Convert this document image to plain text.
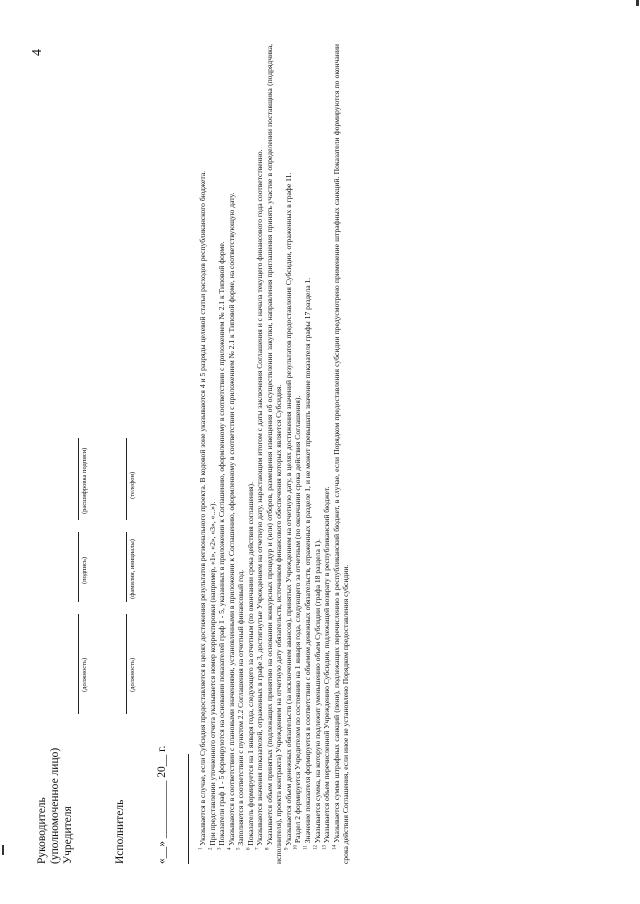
4
Руководитель (уполномоченное лицо) Учредителя
(должность)
(подпись)
(расшифровка подписи)
Исполнитель
(должность)
(фамилия, инициалы)
(телефон)
«__» __________ 20__ г.	$^1$ Указывается в случае, если Субсидия предоставляется в целях достижения результатов регионального проекта. В кодовой зоне указываются 4 и 5 разряды целевой статьи расходов республиканского бюджета.

$^2$ При представлении уточненного отчета указывается номер корректировки (например, «1», «2», «3», «...»).

$^3$ Показатели граф 1 - 5 формируются на основании показателей граф 1 - 5, указанных в приложении к Соглашению, оформленному в соответствии с приложением № 2.1 к Типовой форме.

$^4$ Указываются в соответствии с плановыми значениями, установленными в приложении к Соглашению, оформленному в соответствии с приложением № 2.1 к Типовой форме, на соответствующую дату.

$^5$ Заполняется в соответствии с пунктом 2.2 Соглашения на отчетный финансовый год.

$^6$ Показатель формируется на 1 января года, следующего за отчетным (по окончании срока действия соглашения).

$^7$ Указываются значения показателей, отраженных в графе 3, достигнутые Учреждением на отчетную дату, нарастающим итогом с даты заключения Соглашения и с начала текущего финансового года соответственно.

$^8$ Указывается объем принятых (подлежащих принятию на основании конкурсных процедур и (или) отборов, размещения извещения об осуществлении закупки, направления приглашения принять участие в определении поставщика (подрядчика, исполнителя), проекта контракта) Учреждением на отчетную дату обязательств, источником финансового обеспечения которых является Субсидия. $^9$ Указывается объем денежных обязательств (за исключением авансов), принятых Учреждением на отчетную дату, в целях достижения значений результатов предоставления Субсидии, отраженных в графе 11.

$^{10}$ Раздел 2 формируется Учредителем по состоянию на 1 января года, следующего за отчетным (по окончании срока действия Соглашения).

$^{11}$ Значение показателя формируется в соответствии с объемом денежных обязательств, отраженных в разделе 1, и не может превышать значение показателя графы 17 раздела 1.

$^{12}$ Указывается сумма, на которую подлежит уменьшению объем Субсидии (графа 18 раздела 1).

$^{13}$ Указывается объем перечисленной Учреждению Субсидии, подлежащей возврату в республиканский бюджет.

$^{14}$ Указывается сумма штрафных санкций (пени), подлежащих перечислению в республиканский бюджет, в случае, если Порядком предоставления субсидии предусмотрено применение штрафных санкций. Показатели формируются по окончании срока действия Соглашения, если иное не установлено Порядком предоставления субсидии.
